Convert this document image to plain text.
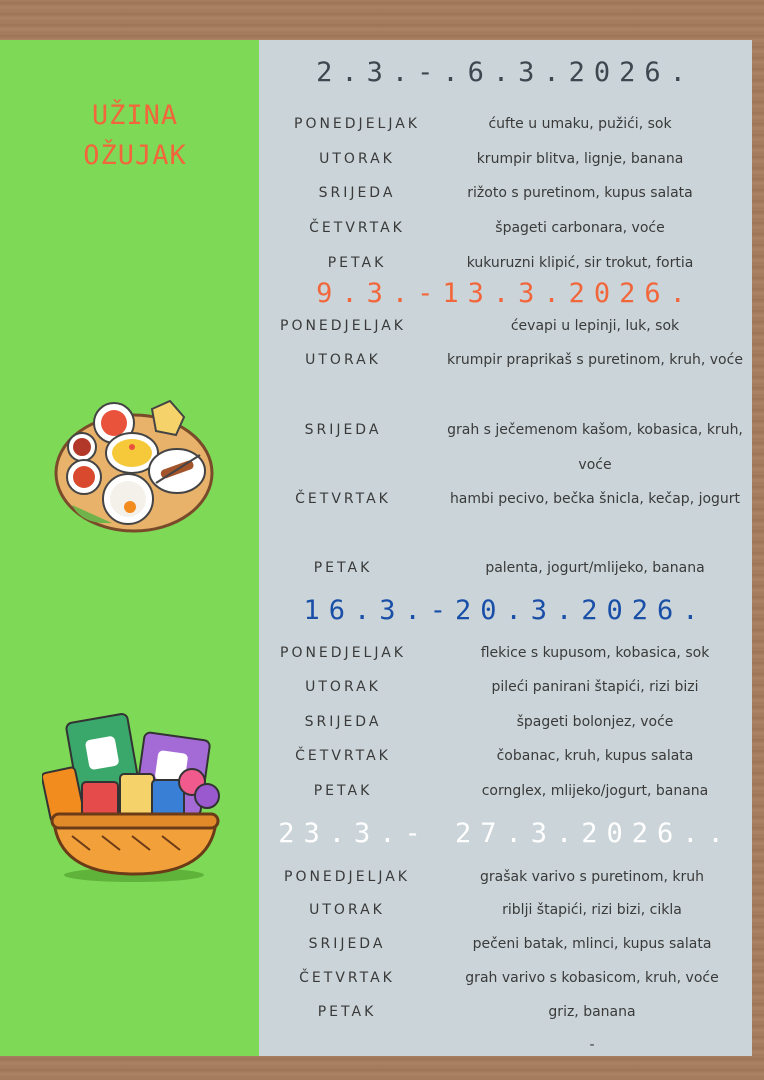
UŽINA
OŽUJAK
2.3.-.6.3.2026.
PONEDJELJAK	ćufte u umaku, pužići, sok
UTORAK	krumpir blitva, lignje, banana
SRIJEDA	rižoto s puretinom, kupus salata
ČETVRTAK	špageti carbonara, voće
PETAK	kukuruzni klipić, sir trokut, fortia
9.3.-13.3.2026.
PONEDJELJAK	ćevapi u lepinji, luk, sok
UTORAK	krumpir praprikaš s puretinom, kruh, voće
SRIJEDA	grah s ječemenom kašom, kobasica, kruh, voće
ČETVRTAK	hambi pecivo, bečka šnicla, kečap, jogurt
PETAK	palenta, jogurt/mlijeko, banana
16.3.-20.3.2026.
PONEDJELJAK	flekice s kupusom, kobasica, sok
UTORAK	pileći panirani štapići, rizi bizi
SRIJEDA	špageti bolonjez, voće
ČETVRTAK	čobanac, kruh, kupus salata
PETAK	cornglex, mlijeko/jogurt, banana
23.3.- 27.3.2026..
PONEDJELJAK	grašak varivo s puretinom, kruh
UTORAK	riblji štapići, rizi bizi, cikla
SRIJEDA	pečeni batak, mlinci, kupus salata
ČETVRTAK	grah varivo s kobasicom, kruh, voće
PETAK	griz, banana
-
